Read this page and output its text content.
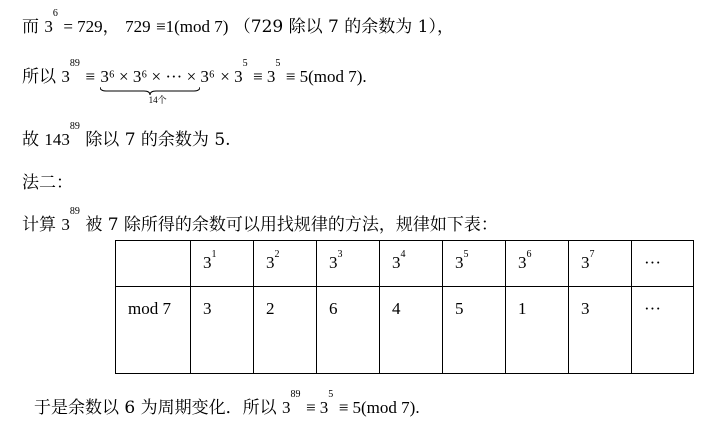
而 $3^6 = 729$， 729 ≡1(mod 7) （729 除以 7 的余数为 1），
所以 $3^{89} \equiv 3^6 \times 3^6$ × ··· × 3⁶
14个
× $3^5 \equiv 3^5 \equiv 5(mod$ 7).
故 $143^{89}$ 除以 7 的余数为 5.
法二：
计算 $3^{89}$ 被 7 除所得的余数可以用找规律的方法，规律如下表：
	$3^1$	$3^2$	$3^3$	$3^4$	$3^5$	$3^6$	$3^7$	···
mod 7	3	2	6	4	5	1	3	···
于是余数以 6 为周期变化．所以 $3^{89} \equiv 3^5 \equiv 5(mod$ 7).
